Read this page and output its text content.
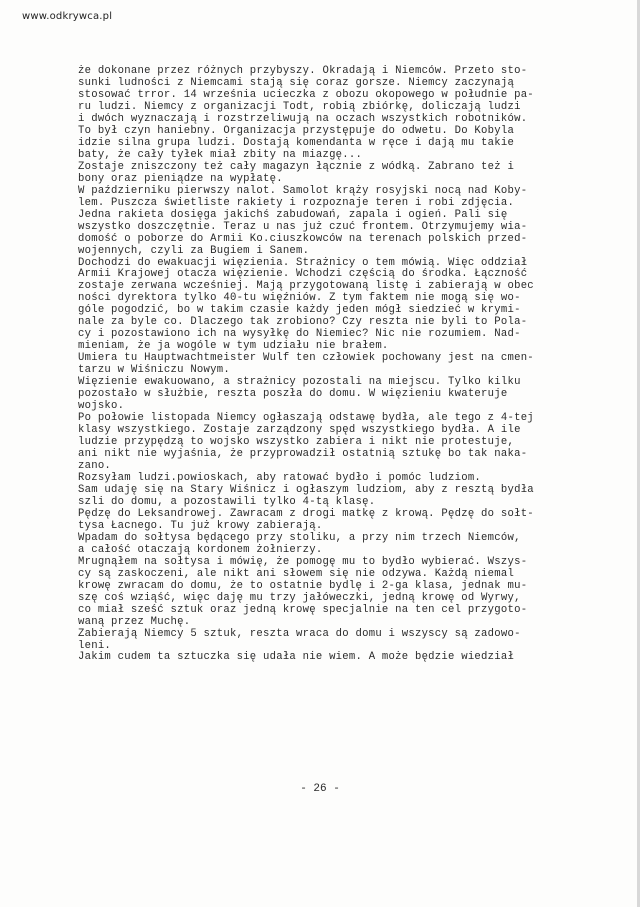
www.odkrywca.pl
że dokonane przez różnych przybyszy. Okradają i Niemców. Przeto sto-
sunki ludności z Niemcami stają się coraz gorsze. Niemcy zaczynają
stosować trror. 14 września ucieczka z obozu okopowego w południe pa-
ru ludzi. Niemcy z organizacji Todt, robią zbiórkę, doliczają ludzi
i dwóch wyznaczają i rozstrzeliwują na oczach wszystkich robotników.
To był czyn haniebny. Organizacja przystępuje do odwetu. Do Kobyla
idzie silna grupa ludzi. Dostają komendanta w ręce i dają mu takie
baty, że cały tyłek miał zbity na miazgę...
Zostaje zniszczony też cały magazyn łącznie z wódką. Zabrano też i
bony oraz pieniądze na wypłatę.
W październiku pierwszy nalot. Samolot krąży rosyjski nocą nad Koby-
lem. Puszcza świetliste rakiety i rozpoznaje teren i robi zdjęcia.
Jedna rakieta dosięga jakichś zabudowań, zapala i ogień. Pali się
wszystko doszczętnie. Teraz u nas już czuć frontem. Otrzymujemy wia-
domość o poborze do Armii Ko.ciuszkowców na terenach polskich przed-
wojennych, czyli za Bugiem i Sanem.
Dochodzi do ewakuacji więzienia. Strażnicy o tem mówią. Więc oddział
Armii Krajowej otacza więzienie. Wchodzi częścią do środka. Łączność
zostaje zerwana wcześniej. Mają przygotowaną listę i zabierają w obec
ności dyrektora tylko 40-tu więźniów. Z tym faktem nie mogą się wo-
góle pogodzić, bo w takim czasie każdy jeden mógł siedzieć w krymi-
nale za byle co. Dlaczego tak zrobiono? Czy reszta nie byli to Pola-
cy i pozostawiono ich na wysyłkę do Niemiec? Nic nie rozumiem. Nad-
mieniam, że ja wogóle w tym udziału nie brałem.
Umiera tu Hauptwachtmeister Wulf ten człowiek pochowany jest na cmen-
tarzu w Wiśniczu Nowym.
Więzienie ewakuowano, a strażnicy pozostali na miejscu. Tylko kilku
pozostało w służbie, reszta poszła do domu. W więzieniu kwateruje
wojsko.
Po połowie listopada Niemcy ogłaszają odstawę bydła, ale tego z 4-tej
klasy wszystkiego. Zostaje zarządzony spęd wszystkiego bydła. A ile
ludzie przypędzą to wojsko wszystko zabiera i nikt nie protestuje,
ani nikt nie wyjaśnia, że przyprowadził ostatnią sztukę bo tak naka-
zano.
Rozsyłam ludzi.powioskach, aby ratować bydło i pomóc ludziom.
Sam udaję się na Stary Wiśnicz i ogłaszym ludziom, aby z resztą bydła
szli do domu, a pozostawili tylko 4-tą klasę.
Pędzę do Leksandrowej. Zawracam z drogi matkę z krową. Pędzę do sołt-
tysa Łacnego. Tu już krowy zabierają.
Wpadam do sołtysa będącego przy stoliku, a przy nim trzech Niemców,
a całość otaczają kordonem żołnierzy.
Mrugnąłem na sołtysa i mówię, że pomogę mu to bydło wybierać. Wszys-
cy są zaskoczeni, ale nikt ani słowem się nie odzywa. Każdą niemal
krowę zwracam do domu, że to ostatnie bydlę i 2-ga klasa, jednak mu-
szę coś wziąść, więc daję mu trzy jałóweczki, jedną krowę od Wyrwy,
co miał sześć sztuk oraz jedną krowę specjalnie na ten cel przygoto-
waną przez Muchę.
Zabierają Niemcy 5 sztuk, reszta wraca do domu i wszyscy są zadowo-
leni.
Jakim cudem ta sztuczka się udała nie wiem. A może będzie wiedział
- 26 -
